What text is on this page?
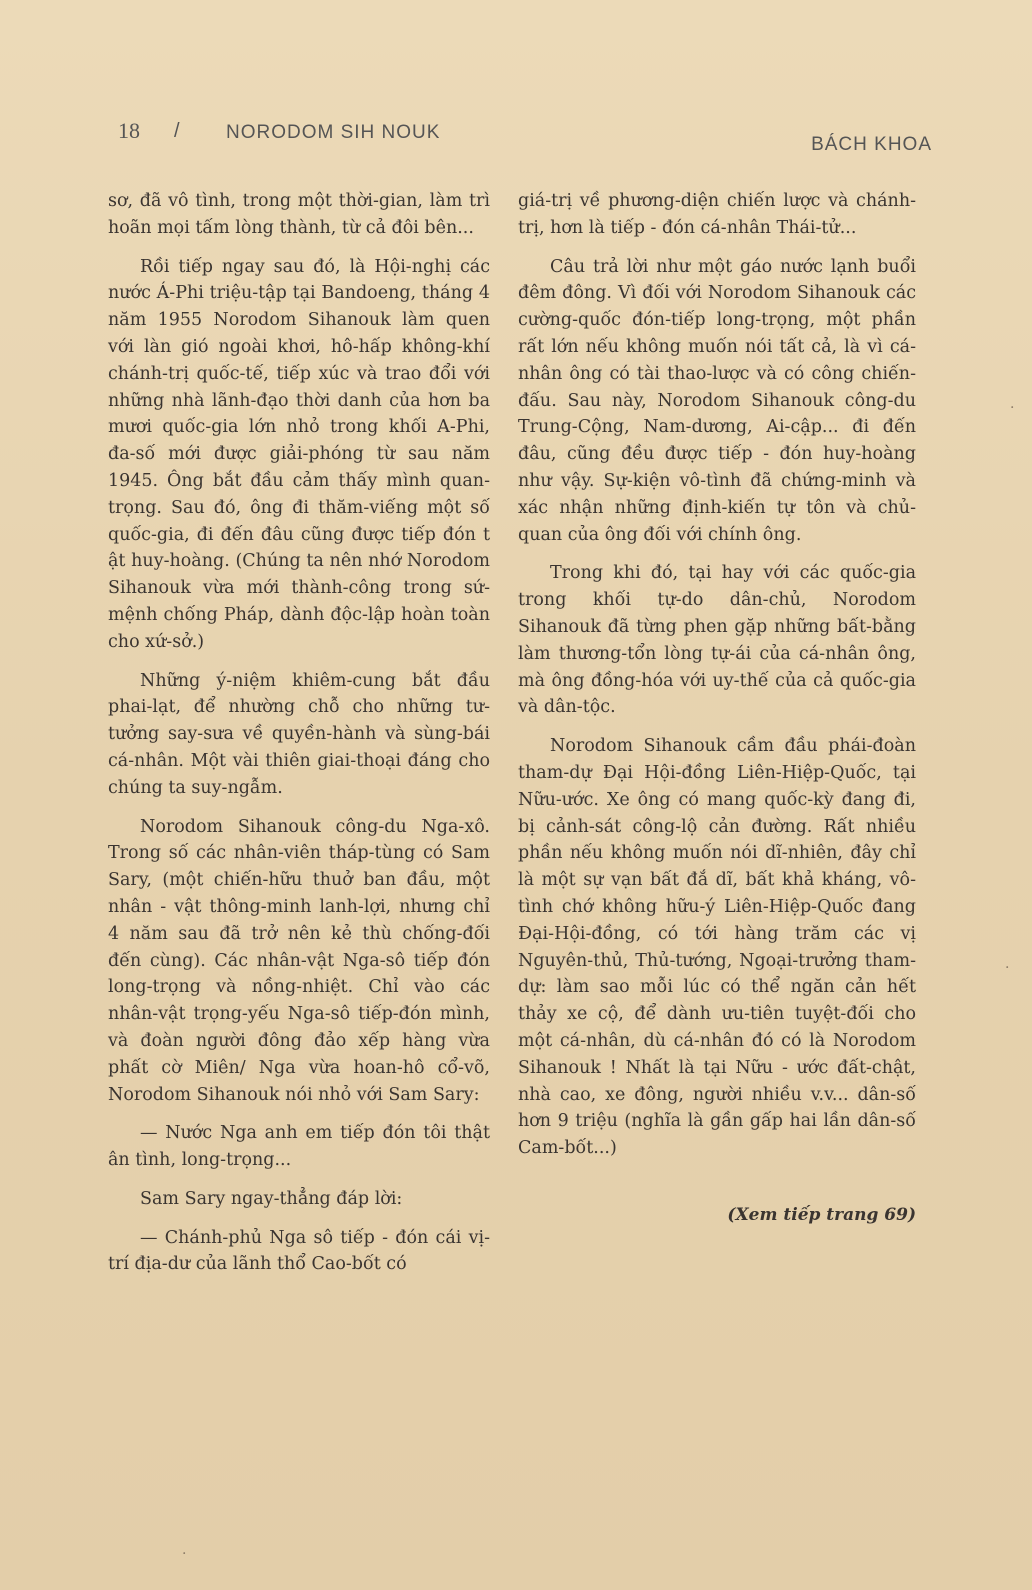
18 / NORODOM SIH NOUK
BÁCH KHOA

sơ, đã vô tình, trong một thời-gian, làm trì hoãn mọi tấm lòng thành, từ cả đôi bên...

Rồi tiếp ngay sau đó, là Hội-nghị các nước Á-Phi triệu-tập tại Bandoeng, tháng 4 năm 1955 Norodom Sihanouk làm quen với làn gió ngoài khơi, hô-hấp không-khí chánh-trị quốc-tế, tiếp xúc và trao đổi với những nhà lãnh-đạo thời danh của hơn ba mươi quốc-gia lớn nhỏ trong khối A-Phi, đa-số mới được giải-phóng từ sau năm 1945. Ông bắt đầu cảm thấy mình quan-trọng. Sau đó, ông đi thăm-viếng một số quốc-gia, đi đến đâu cũng được tiếp đón t ật huy-hoàng. (Chúng ta nên nhớ Norodom Sihanouk vừa mới thành-công trong sứ-mệnh chống Pháp, dành độc-lập hoàn toàn cho xứ-sở.)

Những ý-niệm khiêm-cung bắt đầu phai-lạt, để nhường chỗ cho những tư-tưởng say-sưa về quyền-hành và sùng-bái cá-nhân. Một vài thiên giai-thoại đáng cho chúng ta suy-ngẫm.

Norodom Sihanouk công-du Nga-xô. Trong số các nhân-viên tháp-tùng có Sam Sary, (một chiến-hữu thuở ban đầu, một nhân - vật thông-minh lanh-lợi, nhưng chỉ 4 năm sau đã trở nên kẻ thù chống-đối đến cùng). Các nhân-vật Nga-sô tiếp đón long-trọng và nồng-nhiệt. Chỉ vào các nhân-vật trọng-yếu Nga-sô tiếp-đón mình, và đoàn người đông đảo xếp hàng vừa phất cờ Miên/ Nga vừa hoan-hô cổ-võ, Norodom Sihanouk nói nhỏ với Sam Sary:

— Nước Nga anh em tiếp đón tôi thật ân tình, long-trọng...

Sam Sary ngay-thẳng đáp lời:

— Chánh-phủ Nga sô tiếp - đón cái vị-trí địa-dư của lãnh thổ Cao-bốt có

giá-trị về phương-diện chiến lược và chánh-trị, hơn là tiếp - đón cá-nhân Thái-tử...

Câu trả lời như một gáo nước lạnh buổi đêm đông. Vì đối với Norodom Sihanouk các cường-quốc đón-tiếp long-trọng, một phần rất lớn nếu không muốn nói tất cả, là vì cá-nhân ông có tài thao-lược và có công chiến-đấu. Sau này, Norodom Sihanouk công-du Trung-Cộng, Nam-dương, Ai-cập... đi đến đâu, cũng đều được tiếp - đón huy-hoàng như vậy. Sự-kiện vô-tình đã chứng-minh và xác nhận những định-kiến tự tôn và chủ-quan của ông đối với chính ông.

Trong khi đó, tại hay với các quốc-gia trong khối tự-do dân-chủ, Norodom Sihanouk đã từng phen gặp những bất-bằng làm thương-tổn lòng tự-ái của cá-nhân ông, mà ông đồng-hóa với uy-thế của cả quốc-gia và dân-tộc.

Norodom Sihanouk cầm đầu phái-đoàn tham-dự Đại Hội-đồng Liên-Hiệp-Quốc, tại Nữu-ước. Xe ông có mang quốc-kỳ đang đi, bị cảnh-sát công-lộ cản đường. Rất nhiều phần nếu không muốn nói dĩ-nhiên, đây chỉ là một sự vạn bất đắ dĩ, bất khả kháng, vô-tình chớ không hữu-ý Liên-Hiệp-Quốc đang Đại-Hội-đồng, có tới hàng trăm các vị Nguyên-thủ, Thủ-tướng, Ngoại-trưởng tham-dự: làm sao mỗi lúc có thể ngăn cản hết thảy xe cộ, để dành ưu-tiên tuyệt-đối cho một cá-nhân, dù cá-nhân đó có là Norodom Sihanouk ! Nhất là tại Nữu - ước đất-chật, nhà cao, xe đông, người nhiều v.v... dân-số hơn 9 triệu (nghĩa là gần gấp hai lần dân-số Cam-bốt...)

(Xem tiếp trang 69)
·
·
·
